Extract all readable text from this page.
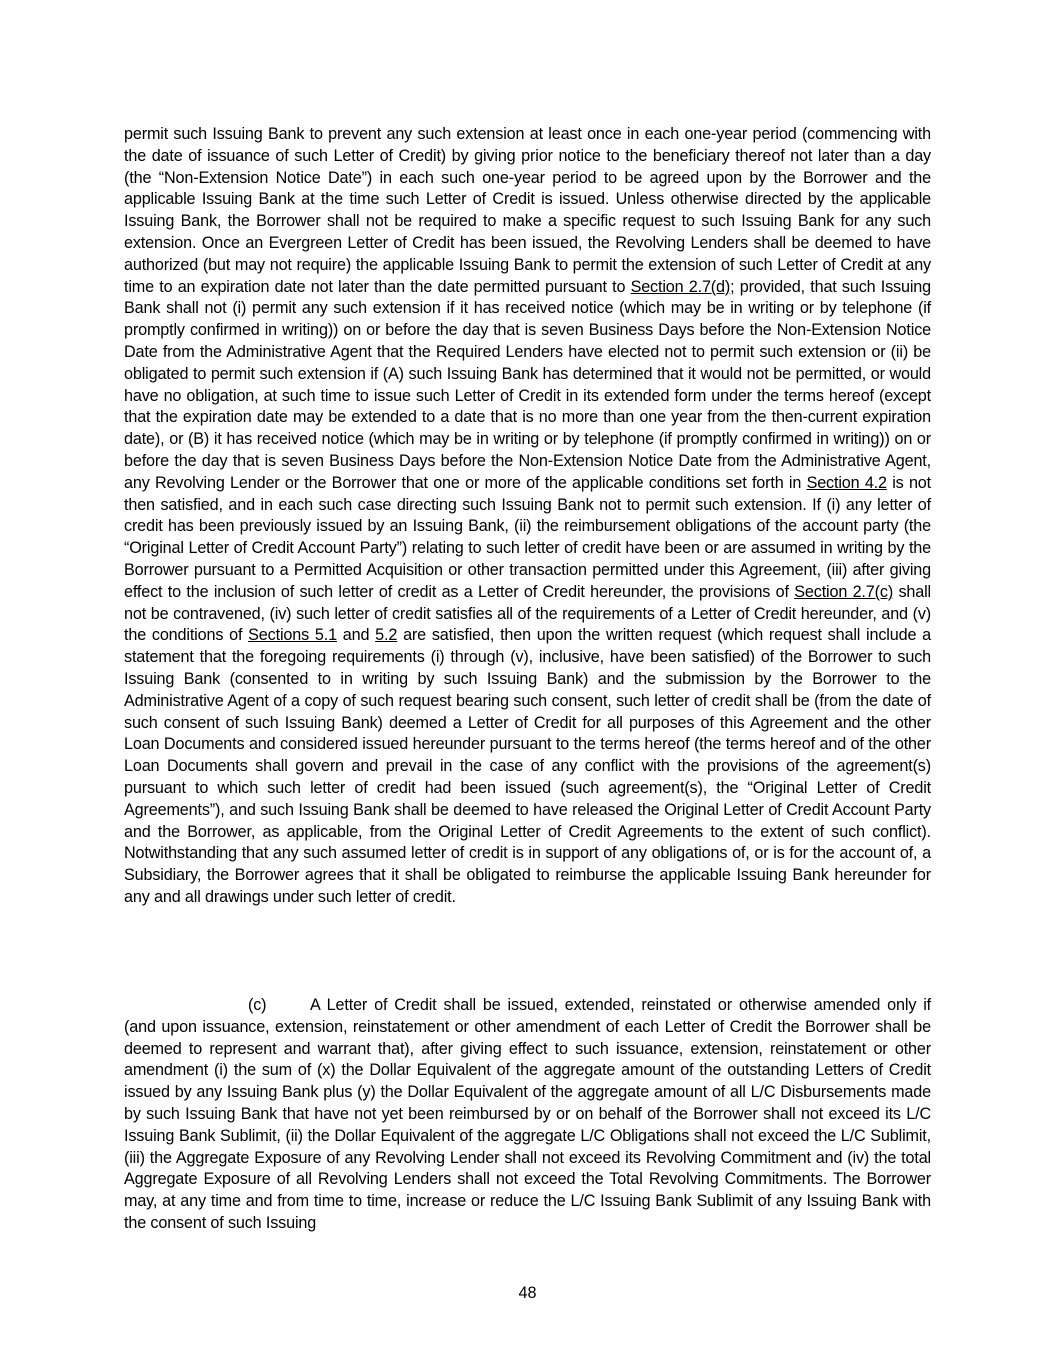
permit such Issuing Bank to prevent any such extension at least once in each one-year period (commencing with the date of issuance of such Letter of Credit) by giving prior notice to the beneficiary thereof not later than a day (the “Non-Extension Notice Date”) in each such one-year period to be agreed upon by the Borrower and the applicable Issuing Bank at the time such Letter of Credit is issued. Unless otherwise directed by the applicable Issuing Bank, the Borrower shall not be required to make a specific request to such Issuing Bank for any such extension. Once an Evergreen Letter of Credit has been issued, the Revolving Lenders shall be deemed to have authorized (but may not require) the applicable Issuing Bank to permit the extension of such Letter of Credit at any time to an expiration date not later than the date permitted pursuant to Section 2.7(d); provided, that such Issuing Bank shall not (i) permit any such extension if it has received notice (which may be in writing or by telephone (if promptly confirmed in writing)) on or before the day that is seven Business Days before the Non-Extension Notice Date from the Administrative Agent that the Required Lenders have elected not to permit such extension or (ii) be obligated to permit such extension if (A) such Issuing Bank has determined that it would not be permitted, or would have no obligation, at such time to issue such Letter of Credit in its extended form under the terms hereof (except that the expiration date may be extended to a date that is no more than one year from the then-current expiration date), or (B) it has received notice (which may be in writing or by telephone (if promptly confirmed in writing)) on or before the day that is seven Business Days before the Non-Extension Notice Date from the Administrative Agent, any Revolving Lender or the Borrower that one or more of the applicable conditions set forth in Section 4.2 is not then satisfied, and in each such case directing such Issuing Bank not to permit such extension. If (i) any letter of credit has been previously issued by an Issuing Bank, (ii) the reimbursement obligations of the account party (the “Original Letter of Credit Account Party”) relating to such letter of credit have been or are assumed in writing by the Borrower pursuant to a Permitted Acquisition or other transaction permitted under this Agreement, (iii) after giving effect to the inclusion of such letter of credit as a Letter of Credit hereunder, the provisions of Section 2.7(c) shall not be contravened, (iv) such letter of credit satisfies all of the requirements of a Letter of Credit hereunder, and (v) the conditions of Sections 5.1 and 5.2 are satisfied, then upon the written request (which request shall include a statement that the foregoing requirements (i) through (v), inclusive, have been satisfied) of the Borrower to such Issuing Bank (consented to in writing by such Issuing Bank) and the submission by the Borrower to the Administrative Agent of a copy of such request bearing such consent, such letter of credit shall be (from the date of such consent of such Issuing Bank) deemed a Letter of Credit for all purposes of this Agreement and the other Loan Documents and considered issued hereunder pursuant to the terms hereof (the terms hereof and of the other Loan Documents shall govern and prevail in the case of any conflict with the provisions of the agreement(s) pursuant to which such letter of credit had been issued (such agreement(s), the “Original Letter of Credit Agreements”), and such Issuing Bank shall be deemed to have released the Original Letter of Credit Account Party and the Borrower, as applicable, from the Original Letter of Credit Agreements to the extent of such conflict). Notwithstanding that any such assumed letter of credit is in support of any obligations of, or is for the account of, a Subsidiary, the Borrower agrees that it shall be obligated to reimburse the applicable Issuing Bank hereunder for any and all drawings under such letter of credit.

(c)	A Letter of Credit shall be issued, extended, reinstated or otherwise amended only if (and upon issuance, extension, reinstatement or other amendment of each Letter of Credit the Borrower shall be deemed to represent and warrant that), after giving effect to such issuance, extension, reinstatement or other amendment (i) the sum of (x) the Dollar Equivalent of the aggregate amount of the outstanding Letters of Credit issued by any Issuing Bank plus (y) the Dollar Equivalent of the aggregate amount of all L/C Disbursements made by such Issuing Bank that have not yet been reimbursed by or on behalf of the Borrower shall not exceed its L/C Issuing Bank Sublimit, (ii) the Dollar Equivalent of the aggregate L/C Obligations shall not exceed the L/C Sublimit, (iii) the Aggregate Exposure of any Revolving Lender shall not exceed its Revolving Commitment and (iv) the total Aggregate Exposure of all Revolving Lenders shall not exceed the Total Revolving Commitments. The Borrower may, at any time and from time to time, increase or reduce the L/C Issuing Bank Sublimit of any Issuing Bank with the consent of such Issuing

48
